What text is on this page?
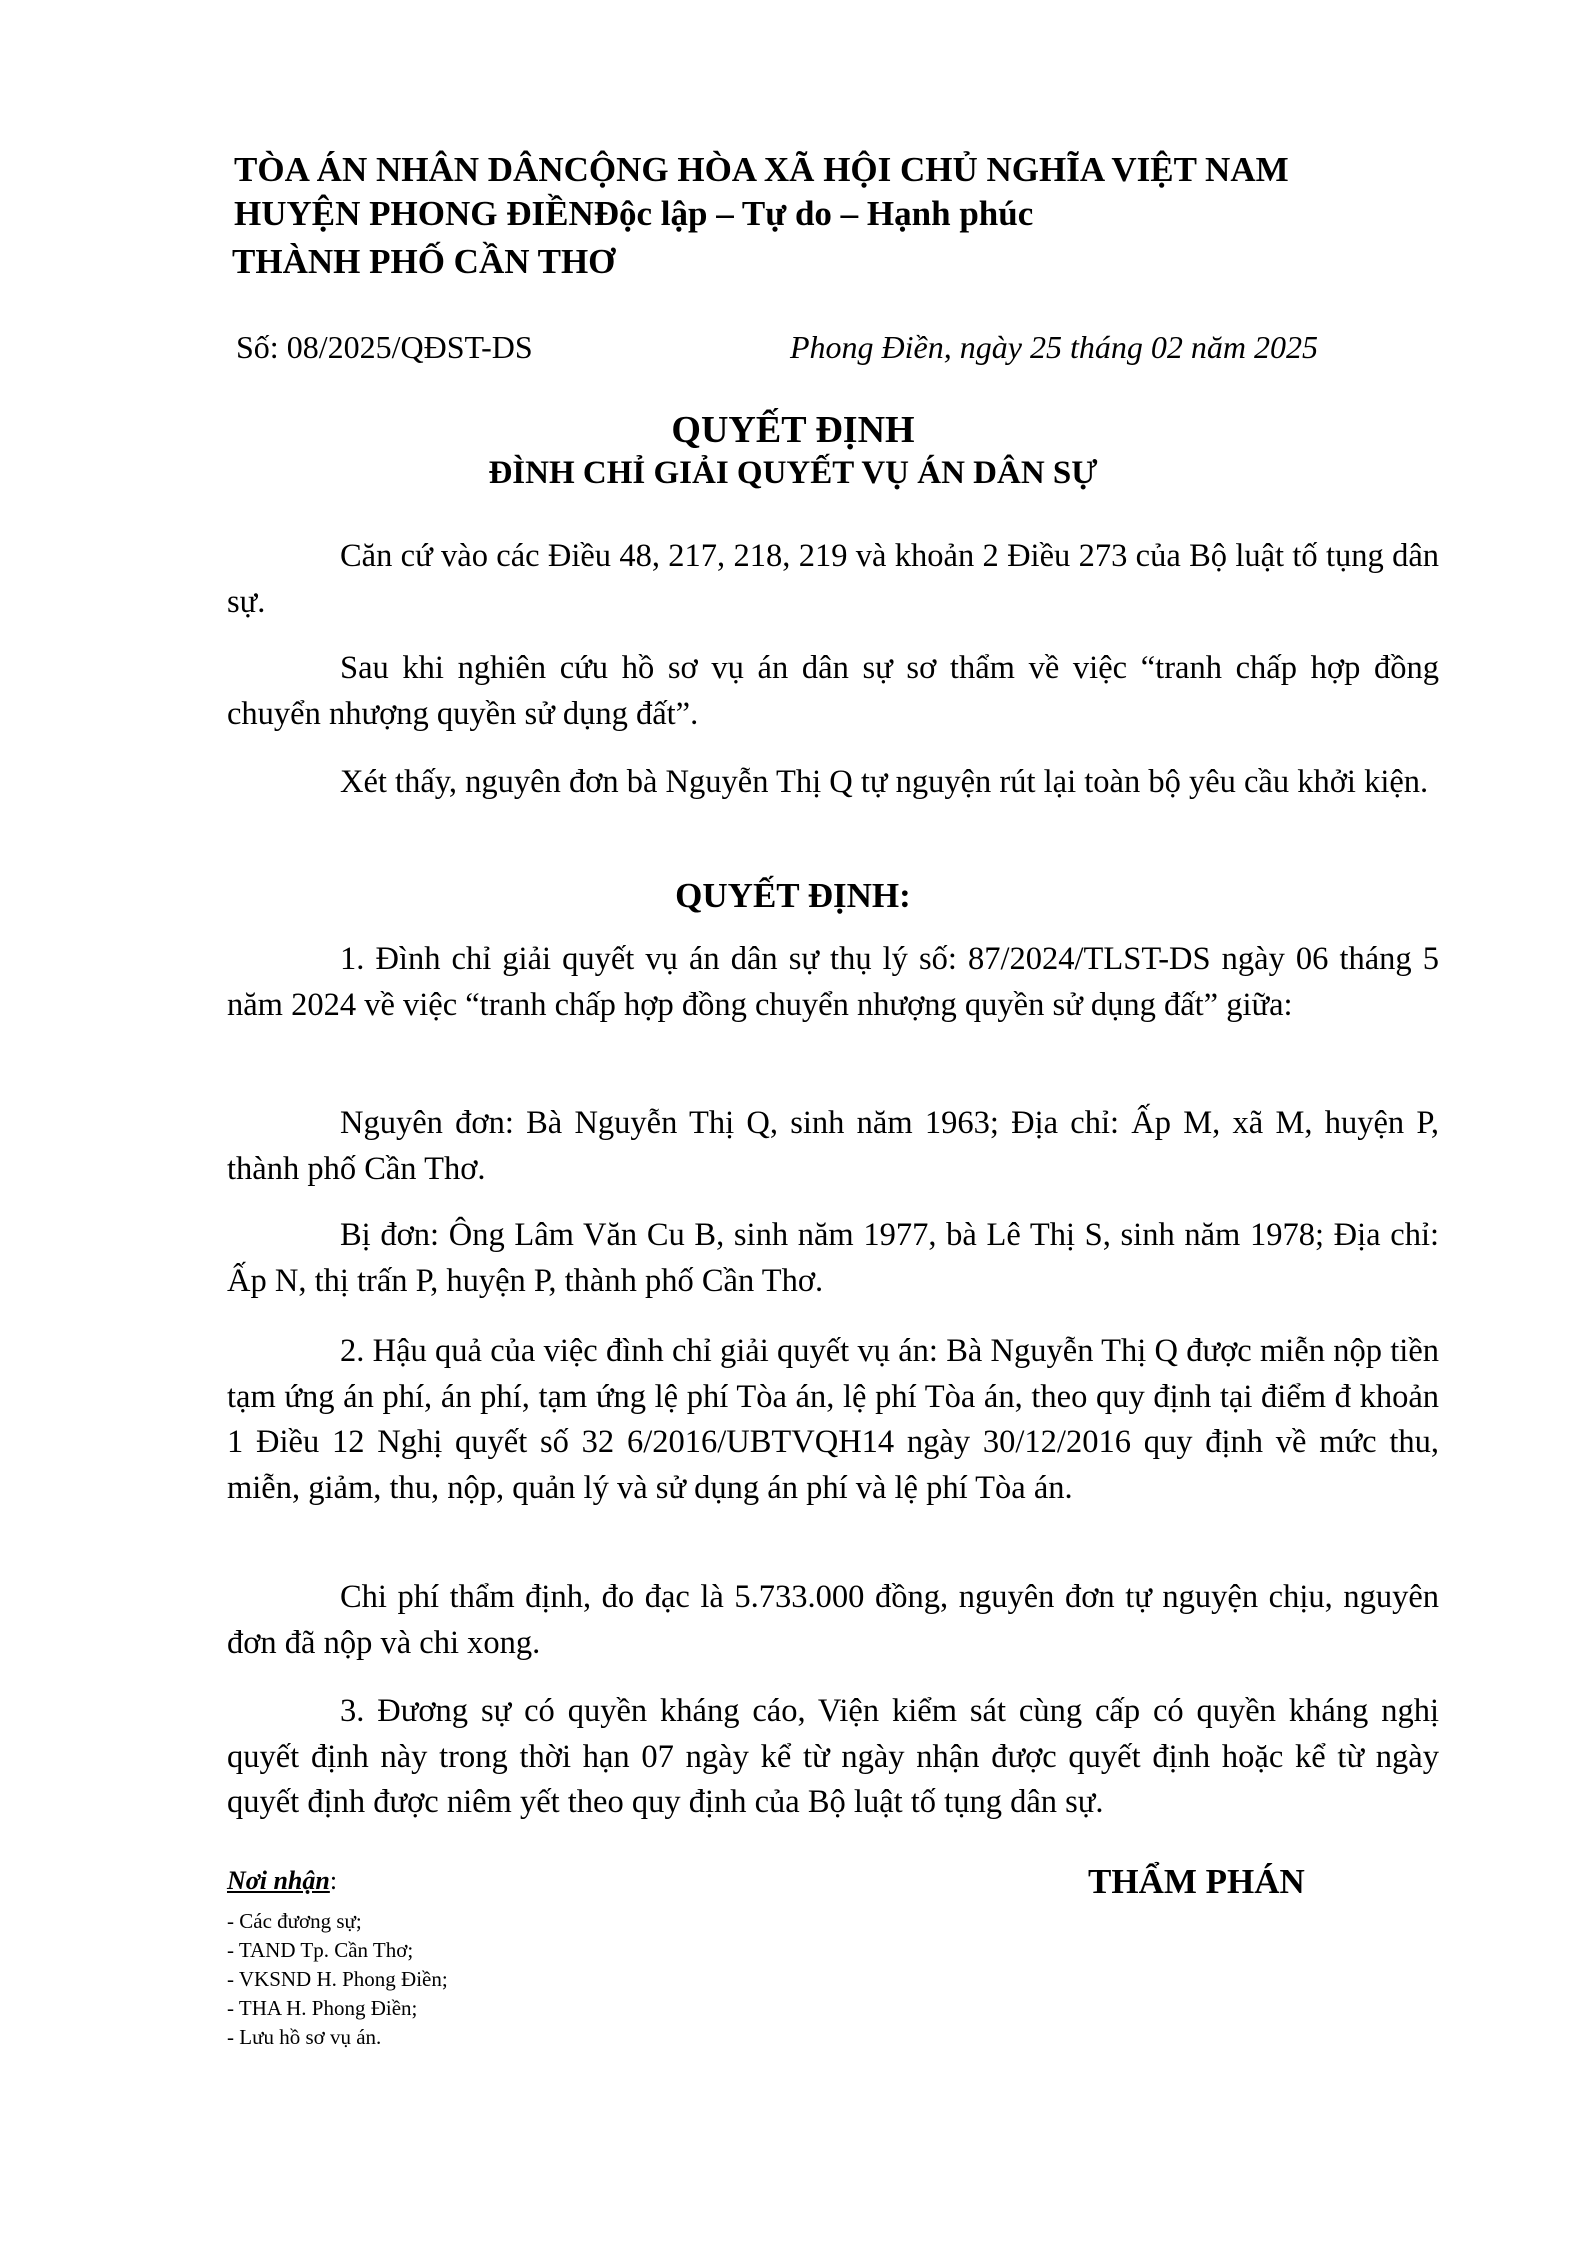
TÒA ÁN NHÂN DÂNCỘNG HÒA XÃ HỘI CHỦ NGHĨA VIỆT NAM
HUYỆN PHONG ĐIỀNĐộc lập – Tự do – Hạnh phúc
THÀNH PHỐ CẦN THƠ
Số: 08/2025/QĐST-DS	Phong Điền, ngày 25 tháng 02 năm 2025
QUYẾT ĐỊNH
ĐÌNH CHỈ GIẢI QUYẾT VỤ ÁN DÂN SỰ

Căn cứ vào các Điều 48, 217, 218, 219 và khoản 2 Điều 273 của Bộ luật tố tụng dân sự.

Sau khi nghiên cứu hồ sơ vụ án dân sự sơ thẩm về việc “tranh chấp hợp đồng chuyển nhượng quyền sử dụng đất”.

Xét thấy, nguyên đơn bà Nguyễn Thị Q tự nguyện rút lại toàn bộ yêu cầu khởi kiện.

QUYẾT ĐỊNH:

1. Đình chỉ giải quyết vụ án dân sự thụ lý số: 87/2024/TLST-DS ngày 06 tháng 5 năm 2024 về việc “tranh chấp hợp đồng chuyển nhượng quyền sử dụng đất” giữa:

Nguyên đơn: Bà Nguyễn Thị Q, sinh năm 1963; Địa chỉ: Ấp M, xã M, huyện P, thành phố Cần Thơ.

Bị đơn: Ông Lâm Văn Cu B, sinh năm 1977, bà Lê Thị S, sinh năm 1978; Địa chỉ: Ấp N, thị trấn P, huyện P, thành phố Cần Thơ.

2. Hậu quả của việc đình chỉ giải quyết vụ án: Bà Nguyễn Thị Q được miễn nộp tiền tạm ứng án phí, án phí, tạm ứng lệ phí Tòa án, lệ phí Tòa án, theo quy định tại điểm đ khoản 1 Điều 12 Nghị quyết số 32 6/2016/UBTVQH14 ngày 30/12/2016 quy định về mức thu, miễn, giảm, thu, nộp, quản lý và sử dụng án phí và lệ phí Tòa án.

Chi phí thẩm định, đo đạc là 5.733.000 đồng, nguyên đơn tự nguyện chịu, nguyên đơn đã nộp và chi xong.

3. Đương sự có quyền kháng cáo, Viện kiểm sát cùng cấp có quyền kháng nghị quyết định này trong thời hạn 07 ngày kể từ ngày nhận được quyết định hoặc kể từ ngày quyết định được niêm yết theo quy định của Bộ luật tố tụng dân sự.

Nơi nhận:
- Các đương sự;
- TAND Tp. Cần Thơ;
- VKSND H. Phong Điền;
- THA H. Phong Điền;
- Lưu hồ sơ vụ án.
THẨM PHÁN
